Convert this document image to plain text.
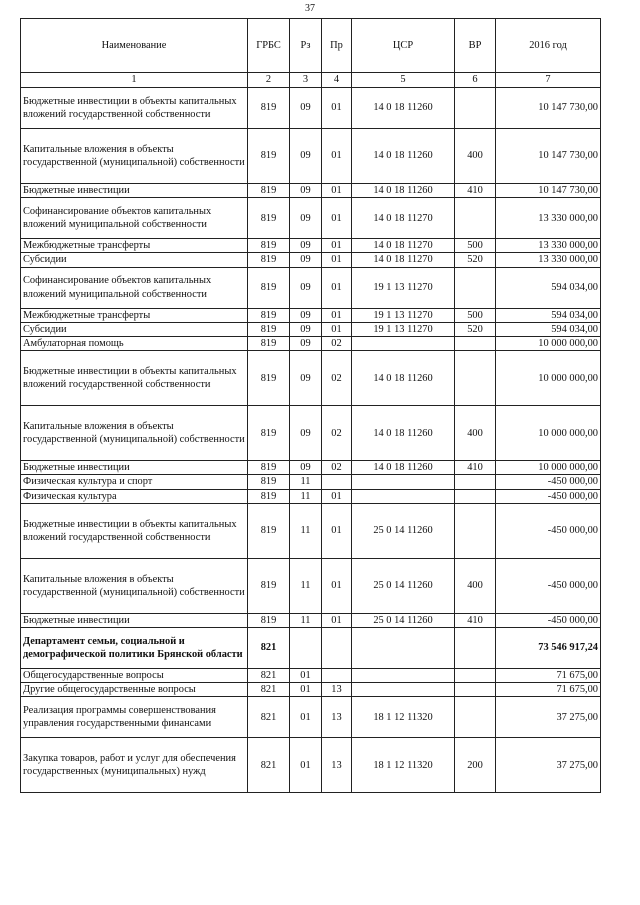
37
Наименование	ГРБС	Рз	Пр	ЦСР	ВР	2016 год
1	2	3	4	5	6	7
Бюджетные инвестиции в объекты капитальных вложений государственной собственности	819	09	01	14 0 18 11260		10 147 730,00
Капитальные вложения в объекты государственной (муниципальной) собственности	819	09	01	14 0 18 11260	400	10 147 730,00
Бюджетные инвестиции	819	09	01	14 0 18 11260	410	10 147 730,00
Софинансирование объектов капитальных вложений муниципальной собственности	819	09	01	14 0 18 11270		13 330 000,00
Межбюджетные трансферты	819	09	01	14 0 18 11270	500	13 330 000,00
Субсидии	819	09	01	14 0 18 11270	520	13 330 000,00
Софинансирование объектов капитальных вложений муниципальной собственности	819	09	01	19 1 13 11270		594 034,00
Межбюджетные трансферты	819	09	01	19 1 13 11270	500	594 034,00
Субсидии	819	09	01	19 1 13 11270	520	594 034,00
Амбулаторная помощь	819	09	02			10 000 000,00
Бюджетные инвестиции в объекты капитальных вложений государственной собственности	819	09	02	14 0 18 11260		10 000 000,00
Капитальные вложения в объекты государственной (муниципальной) собственности	819	09	02	14 0 18 11260	400	10 000 000,00
Бюджетные инвестиции	819	09	02	14 0 18 11260	410	10 000 000,00
Физическая культура и спорт	819	11				-450 000,00
Физическая культура	819	11	01			-450 000,00
Бюджетные инвестиции в объекты капитальных вложений государственной собственности	819	11	01	25 0 14 11260		-450 000,00
Капитальные вложения в объекты государственной (муниципальной) собственности	819	11	01	25 0 14 11260	400	-450 000,00
Бюджетные инвестиции	819	11	01	25 0 14 11260	410	-450 000,00
Департамент семьи, социальной и демографической политики Брянской области	821					73 546 917,24
Общегосударственные вопросы	821	01				71 675,00
Другие общегосударственные вопросы	821	01	13			71 675,00
Реализация программы совершенствования управления государственными финансами	821	01	13	18 1 12 11320		37 275,00
Закупка товаров, работ и услуг для обеспечения государственных (муниципальных) нужд	821	01	13	18 1 12 11320	200	37 275,00
